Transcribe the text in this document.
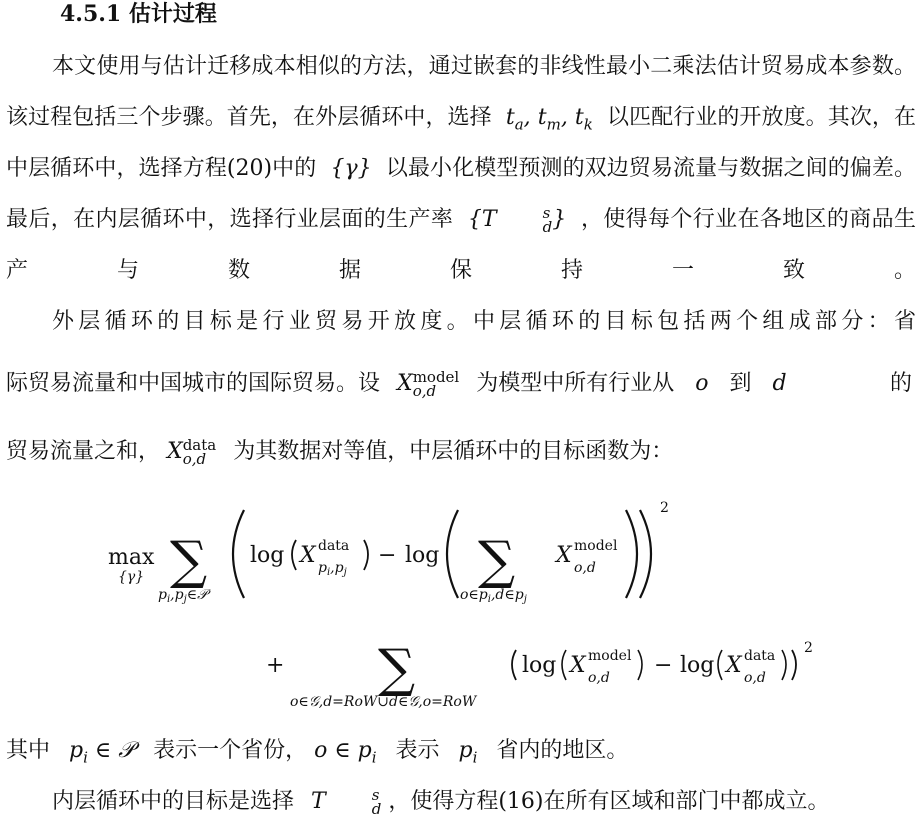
4.5.1 估计过程
本文使用与估计迁移成本相似的方法，通过嵌套的非线性最小二乘法估计贸易成本参数。该过程包括三个步骤。首先，在外层循环中，选择  $t_a$, $t_m$, $t_k$ 以匹配行业的开放度。其次，在中层循环中，选择方程(20)中的  {γ}  以最小化模型预测的双边贸易流量与数据之间的偏差。最后，在内层循环中，选择行业层面的生产率  {T	s
d }  ，使得每个行业在各地区的商品生产与数据保持一致。
外层循环的目标是行业贸易开放度。中层循环的目标包括两个组成部分：省
际贸易流量和中国城市的国际贸易。设 X model
o,d	为模型中所有行业从 o 到 d	的
贸易流量之和， X data
o,d	为其数据对等值，中层循环中的目标函数为：
max
{γ} ∑
$p_i,p_j\in 𝒫$
log X data
$p_i,p_j$
− log ∑
$o\in p_i,d\in p_j$
X model
o,d
2
+ ∑
o∈𝒢,d=RoW∪d∈𝒢,o=RoW
log X model
o,d − log X data
o,d
2
其中 $p_i$ ∈ 𝒫 表示一个省份， o ∈ $p_i$ 表示 $p_i$ 省内的地区。
内层循环中的目标是选择 T	s
d ，使得方程(16)在所有区域和部门中都成立。
